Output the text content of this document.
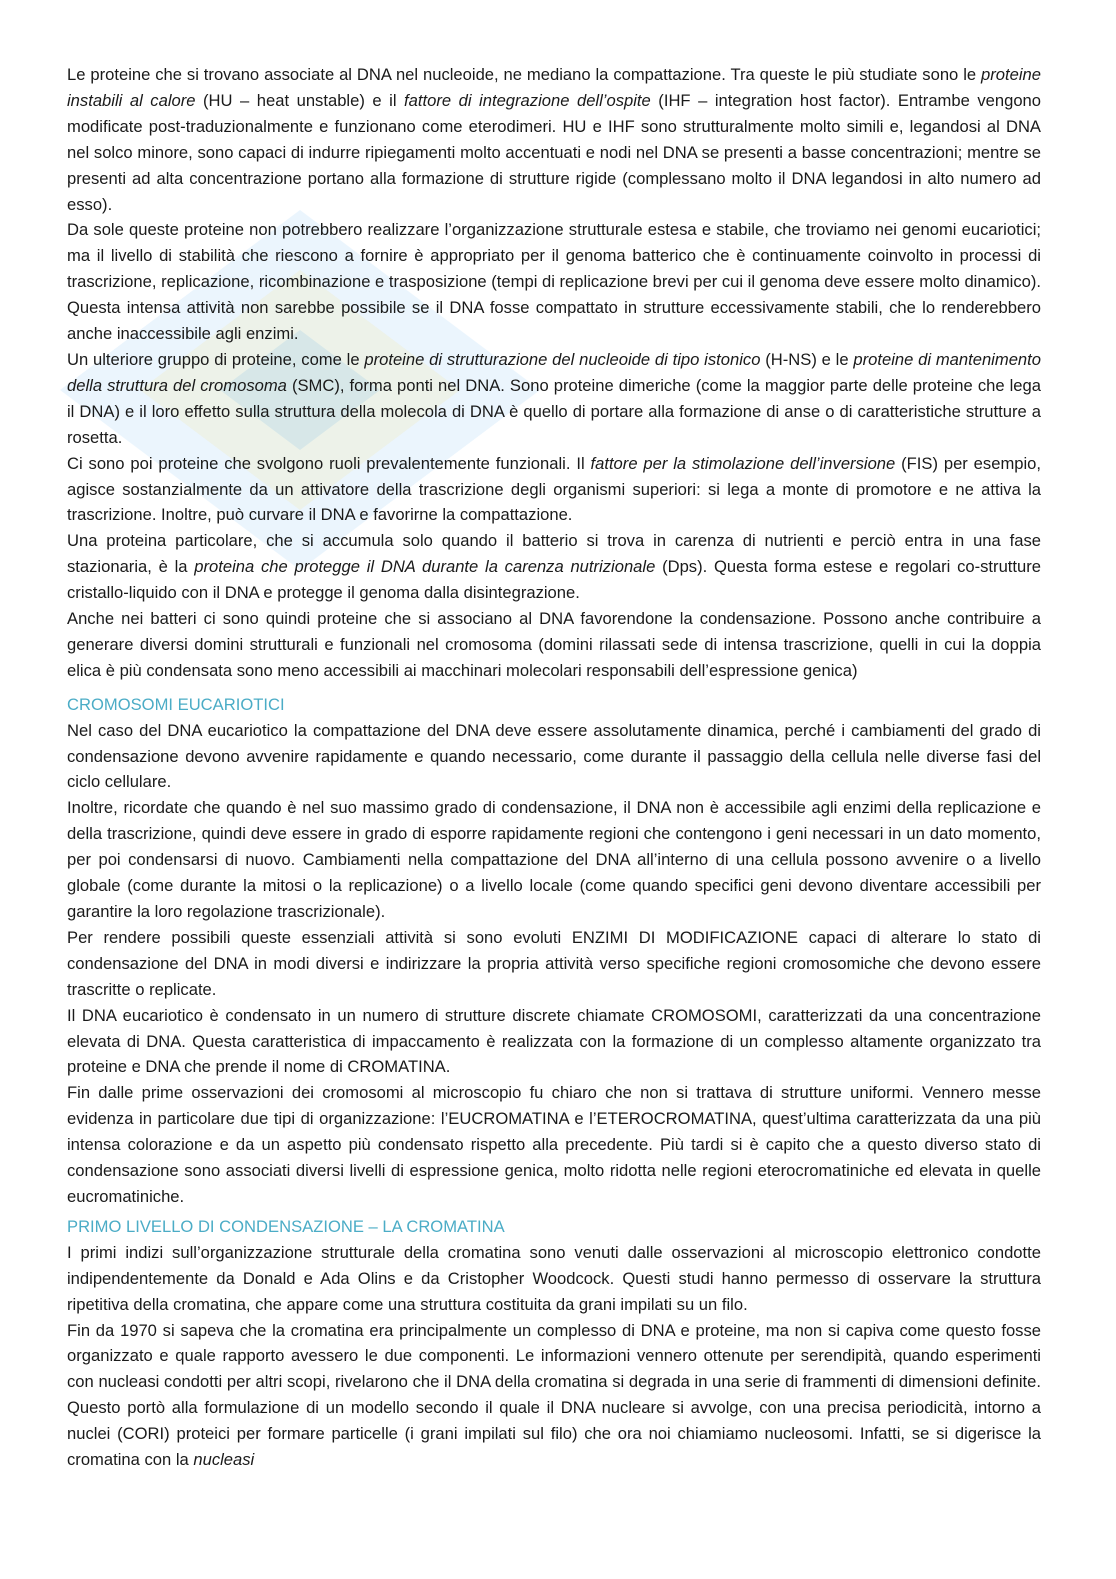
Le proteine che si trovano associate al DNA nel nucleoide, ne mediano la compattazione. Tra queste le più studiate sono le proteine instabili al calore (HU – heat unstable) e il fattore di integrazione dell’ospite (IHF – integration host factor). Entrambe vengono modificate post-traduzionalmente e funzionano come eterodimeri. HU e IHF sono strutturalmente molto simili e, legandosi al DNA nel solco minore, sono capaci di indurre ripiegamenti molto accentuati e nodi nel DNA se presenti a basse concentrazioni; mentre se presenti ad alta concentrazione portano alla formazione di strutture rigide (complessano molto il DNA legandosi in alto numero ad esso).

Da sole queste proteine non potrebbero realizzare l’organizzazione strutturale estesa e stabile, che troviamo nei genomi eucariotici; ma il livello di stabilità che riescono a fornire è appropriato per il genoma batterico che è continuamente coinvolto in processi di trascrizione, replicazione, ricombinazione e trasposizione (tempi di replicazione brevi per cui il genoma deve essere molto dinamico). Questa intensa attività non sarebbe possibile se il DNA fosse compattato in strutture eccessivamente stabili, che lo renderebbero anche inaccessibile agli enzimi.

Un ulteriore gruppo di proteine, come le proteine di strutturazione del nucleoide di tipo istonico (H-NS) e le proteine di mantenimento della struttura del cromosoma (SMC), forma ponti nel DNA. Sono proteine dimeriche (come la maggior parte delle proteine che lega il DNA) e il loro effetto sulla struttura della molecola di DNA è quello di portare alla formazione di anse o di caratteristiche strutture a rosetta.

Ci sono poi proteine che svolgono ruoli prevalentemente funzionali. Il fattore per la stimolazione dell’inversione (FIS) per esempio, agisce sostanzialmente da un attivatore della trascrizione degli organismi superiori: si lega a monte di promotore e ne attiva la trascrizione. Inoltre, può curvare il DNA e favorirne la compattazione.

Una proteina particolare, che si accumula solo quando il batterio si trova in carenza di nutrienti e perciò entra in una fase stazionaria, è la proteina che protegge il DNA durante la carenza nutrizionale (Dps). Questa forma estese e regolari co-strutture cristallo-liquido con il DNA e protegge il genoma dalla disintegrazione.

Anche nei batteri ci sono quindi proteine che si associano al DNA favorendone la condensazione. Possono anche contribuire a generare diversi domini strutturali e funzionali nel cromosoma (domini rilassati sede di intensa trascrizione, quelli in cui la doppia elica è più condensata sono meno accessibili ai macchinari molecolari responsabili dell’espressione genica)

CROMOSOMI EUCARIOTICI

Nel caso del DNA eucariotico la compattazione del DNA deve essere assolutamente dinamica, perché i cambiamenti del grado di condensazione devono avvenire rapidamente e quando necessario, come durante il passaggio della cellula nelle diverse fasi del ciclo cellulare.

Inoltre, ricordate che quando è nel suo massimo grado di condensazione, il DNA non è accessibile agli enzimi della replicazione e della trascrizione, quindi deve essere in grado di esporre rapidamente regioni che contengono i geni necessari in un dato momento, per poi condensarsi di nuovo. Cambiamenti nella compattazione del DNA all’interno di una cellula possono avvenire o a livello globale (come durante la mitosi o la replicazione) o a livello locale (come quando specifici geni devono diventare accessibili per garantire la loro regolazione trascrizionale).

Per rendere possibili queste essenziali attività si sono evoluti ENZIMI DI MODIFICAZIONE capaci di alterare lo stato di condensazione del DNA in modi diversi e indirizzare la propria attività verso specifiche regioni cromosomiche che devono essere trascritte o replicate.

Il DNA eucariotico è condensato in un numero di strutture discrete chiamate CROMOSOMI, caratterizzati da una concentrazione elevata di DNA. Questa caratteristica di impaccamento è realizzata con la formazione di un complesso altamente organizzato tra proteine e DNA che prende il nome di CROMATINA.

Fin dalle prime osservazioni dei cromosomi al microscopio fu chiaro che non si trattava di strutture uniformi. Vennero messe evidenza in particolare due tipi di organizzazione: l’EUCROMATINA e l’ETEROCROMATINA, quest’ultima caratterizzata da una più intensa colorazione e da un aspetto più condensato rispetto alla precedente. Più tardi si è capito che a questo diverso stato di condensazione sono associati diversi livelli di espressione genica, molto ridotta nelle regioni eterocromatiniche ed elevata in quelle eucromatiniche.

PRIMO LIVELLO DI CONDENSAZIONE – LA CROMATINA

I primi indizi sull’organizzazione strutturale della cromatina sono venuti dalle osservazioni al microscopio elettronico condotte indipendentemente da Donald e Ada Olins e da Cristopher Woodcock. Questi studi hanno permesso di osservare la struttura ripetitiva della cromatina, che appare come una struttura costituita da grani impilati su un filo.

Fin da 1970 si sapeva che la cromatina era principalmente un complesso di DNA e proteine, ma non si capiva come questo fosse organizzato e quale rapporto avessero le due componenti. Le informazioni vennero ottenute per serendipità, quando esperimenti con nucleasi condotti per altri scopi, rivelarono che il DNA della cromatina si degrada in una serie di frammenti di dimensioni definite. Questo portò alla formulazione di un modello secondo il quale il DNA nucleare si avvolge, con una precisa periodicità, intorno a nuclei (CORI) proteici per formare particelle (i grani impilati sul filo) che ora noi chiamiamo nucleosomi. Infatti, se si digerisce la cromatina con la nucleasi
